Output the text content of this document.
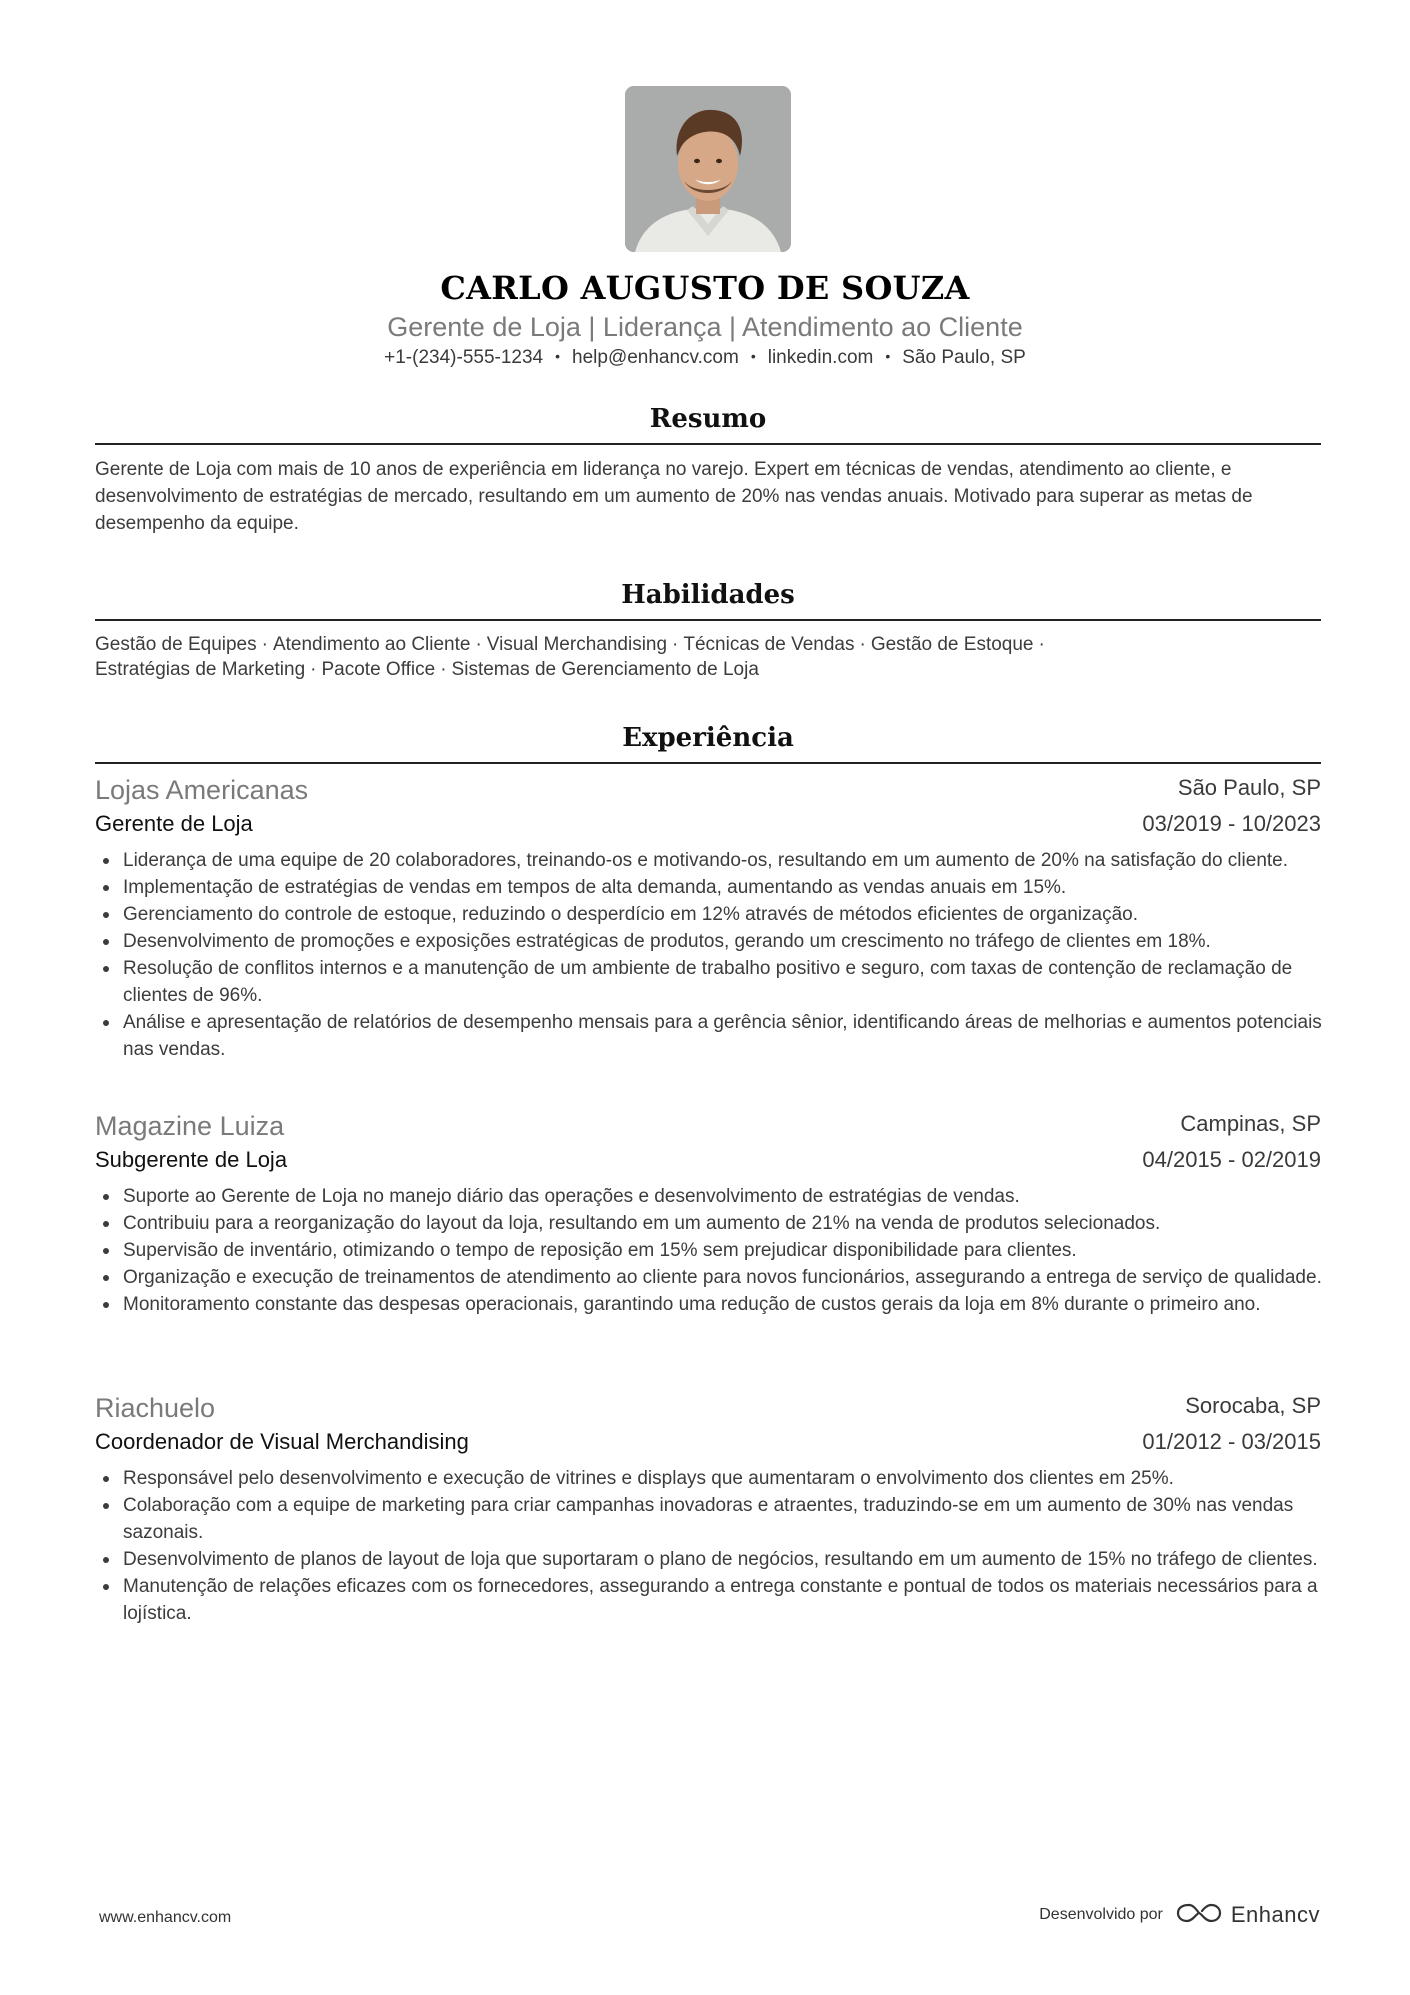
CARLO AUGUSTO DE SOUZA
Gerente de Loja | Liderança | Atendimento ao Cliente
+1-(234)-555-1234 • help@enhancv.com • linkedin.com • São Paulo, SP
Resumo
Gerente de Loja com mais de 10 anos de experiência em liderança no varejo. Expert em técnicas de vendas, atendimento ao cliente, e desenvolvimento de estratégias de mercado, resultando em um aumento de 20% nas vendas anuais. Motivado para superar as metas de desempenho da equipe.
Habilidades
Gestão de Equipes · Atendimento ao Cliente · Visual Merchandising · Técnicas de Vendas · Gestão de Estoque ·
Estratégias de Marketing · Pacote Office · Sistemas de Gerenciamento de Loja
Experiência
Lojas Americanas	São Paulo, SP
Gerente de Loja	03/2019 - 10/2023
Liderança de uma equipe de 20 colaboradores, treinando-os e motivando-os, resultando em um aumento de 20% na satisfação do cliente.
Implementação de estratégias de vendas em tempos de alta demanda, aumentando as vendas anuais em 15%.
Gerenciamento do controle de estoque, reduzindo o desperdício em 12% através de métodos eficientes de organização.
Desenvolvimento de promoções e exposições estratégicas de produtos, gerando um crescimento no tráfego de clientes em 18%.
Resolução de conflitos internos e a manutenção de um ambiente de trabalho positivo e seguro, com taxas de contenção de reclamação de clientes de 96%.
Análise e apresentação de relatórios de desempenho mensais para a gerência sênior, identificando áreas de melhorias e aumentos potenciais nas vendas.
Magazine Luiza	Campinas, SP
Subgerente de Loja	04/2015 - 02/2019
Suporte ao Gerente de Loja no manejo diário das operações e desenvolvimento de estratégias de vendas.
Contribuiu para a reorganização do layout da loja, resultando em um aumento de 21% na venda de produtos selecionados.
Supervisão de inventário, otimizando o tempo de reposição em 15% sem prejudicar disponibilidade para clientes.
Organização e execução de treinamentos de atendimento ao cliente para novos funcionários, assegurando a entrega de serviço de qualidade.
Monitoramento constante das despesas operacionais, garantindo uma redução de custos gerais da loja em 8% durante o primeiro ano.
Riachuelo	Sorocaba, SP
Coordenador de Visual Merchandising	01/2012 - 03/2015
Responsável pelo desenvolvimento e execução de vitrines e displays que aumentaram o envolvimento dos clientes em 25%.
Colaboração com a equipe de marketing para criar campanhas inovadoras e atraentes, traduzindo-se em um aumento de 30% nas vendas sazonais.
Desenvolvimento de planos de layout de loja que suportaram o plano de negócios, resultando em um aumento de 15% no tráfego de clientes.
Manutenção de relações eficazes com os fornecedores, assegurando a entrega constante e pontual de todos os materiais necessários para a lojística.
www.enhancv.com	Desenvolvido por	Enhancv
